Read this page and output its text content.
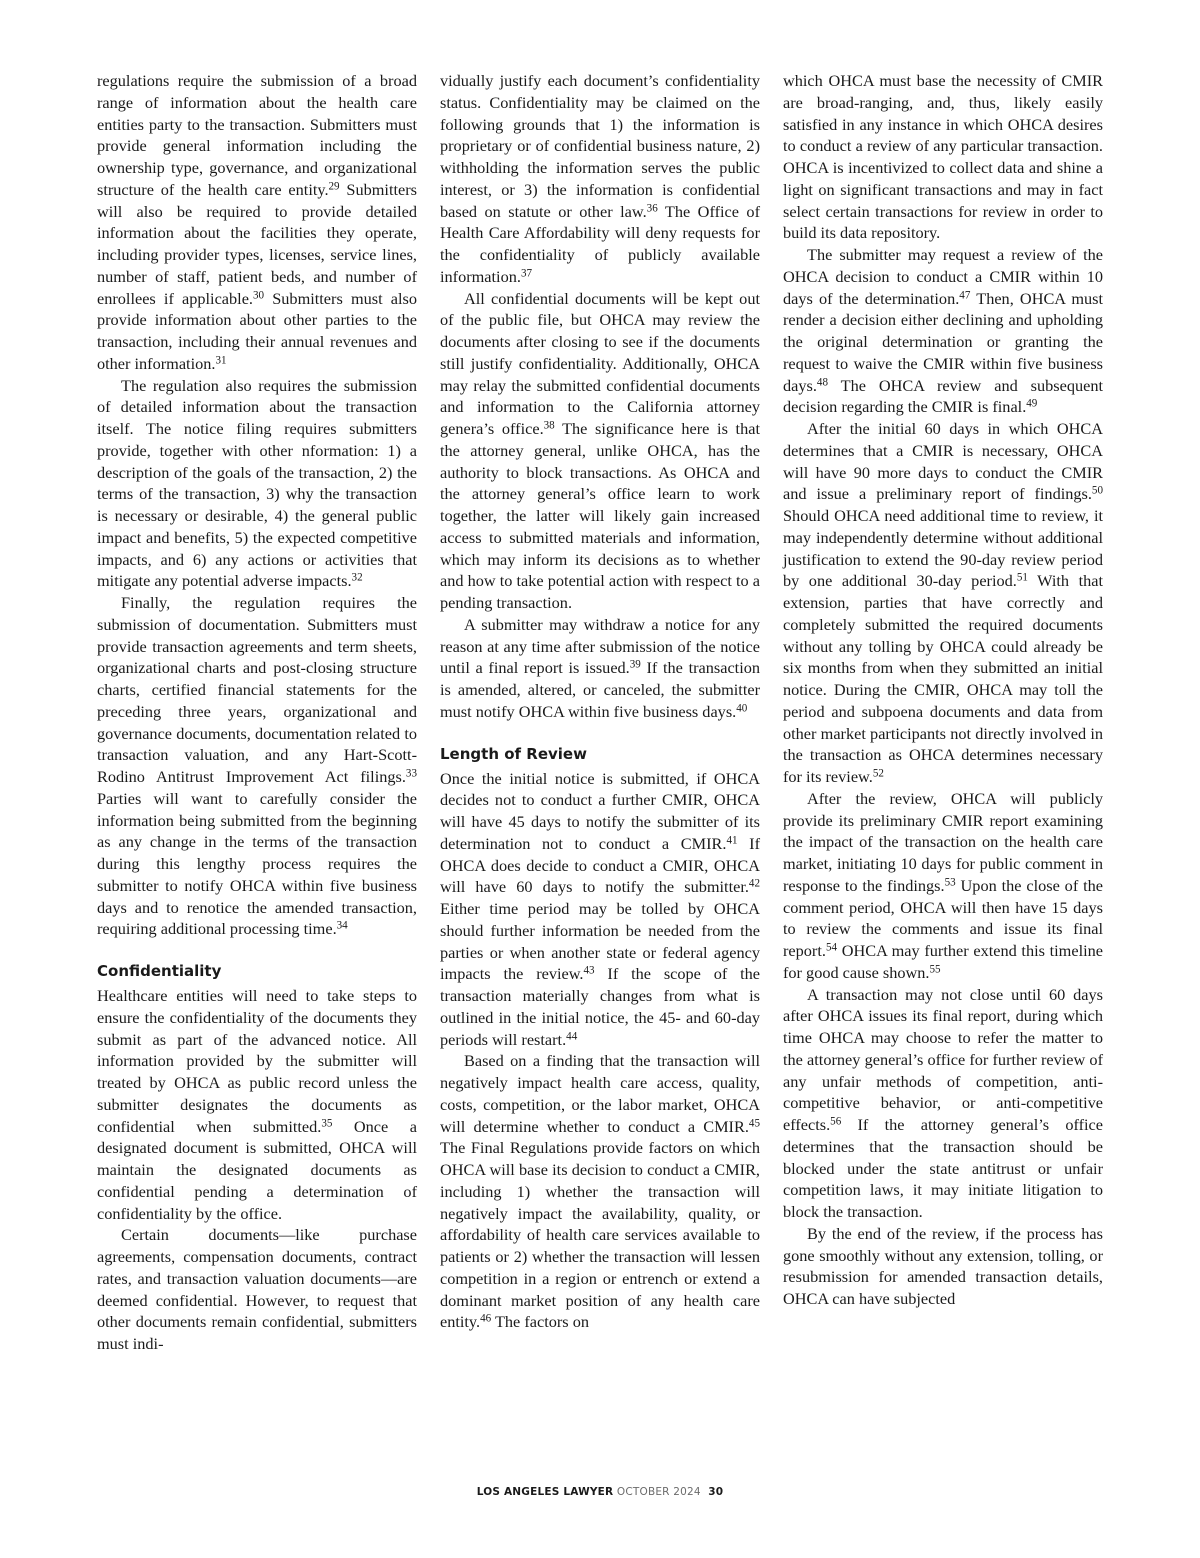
regulations require the submission of a broad range of information about the health care entities party to the transaction. Submitters must provide general information including the ownership type, governance, and organizational structure of the health care entity.$^{29}$ Submitters will also be required to provide detailed information about the facilities they operate, including provider types, licenses, service lines, number of staff, patient beds, and number of enrollees if applicable.$^{30}$ Submitters must also provide information about other parties to the transaction, including their annual revenues and other information.$^{31}$

The regulation also requires the submission of detailed information about the transaction itself. The notice filing requires submitters provide, together with other nformation: 1) a description of the goals of the transaction, 2) the terms of the transaction, 3) why the transaction is necessary or desirable, 4) the general public impact and benefits, 5) the expected competitive impacts, and 6) any actions or activities that mitigate any potential adverse impacts.$^{32}$

Finally, the regulation requires the submission of documentation. Submitters must provide transaction agreements and term sheets, organizational charts and post-closing structure charts, certified financial statements for the preceding three years, organizational and governance documents, documentation related to transaction valuation, and any Hart-Scott-Rodino Antitrust Improvement Act filings.$^{33}$ Parties will want to carefully consider the information being submitted from the beginning as any change in the terms of the transaction during this lengthy process requires the submitter to notify OHCA within five business days and to renotice the amended transaction, requiring additional processing time.$^{34}$

Confidentiality

Healthcare entities will need to take steps to ensure the confidentiality of the documents they submit as part of the advanced notice. All information provided by the submitter will treated by OHCA as public record unless the submitter designates the documents as confidential when submitted.$^{35}$ Once a designated document is submitted, OHCA will maintain the designated documents as confidential pending a determination of confidentiality by the office.

Certain documents—like purchase agreements, compensation documents, contract rates, and transaction valuation documents—are deemed confidential. However, to request that other documents remain confidential, submitters must indi-

vidually justify each document’s confidentiality status. Confidentiality may be claimed on the following grounds that 1) the information is proprietary or of confidential business nature, 2) withholding the information serves the public interest, or 3) the information is confidential based on statute or other law.$^{36}$ The Office of Health Care Affordability will deny requests for the confidentiality of publicly available information.$^{37}$

All confidential documents will be kept out of the public file, but OHCA may review the documents after closing to see if the documents still justify confidentiality. Additionally, OHCA may relay the submitted confidential documents and information to the California attorney genera’s office.$^{38}$ The significance here is that the attorney general, unlike OHCA, has the authority to block transactions. As OHCA and the attorney general’s office learn to work together, the latter will likely gain increased access to submitted materials and information, which may inform its decisions as to whether and how to take potential action with respect to a pending transaction.

A submitter may withdraw a notice for any reason at any time after submission of the notice until a final report is issued.$^{39}$ If the transaction is amended, altered, or canceled, the submitter must notify OHCA within five business days.$^{40}$

Length of Review

Once the initial notice is submitted, if OHCA decides not to conduct a further CMIR, OHCA will have 45 days to notify the submitter of its determination not to conduct a CMIR.$^{41}$ If OHCA does decide to conduct a CMIR, OHCA will have 60 days to notify the submitter.$^{42}$ Either time period may be tolled by OHCA should further information be needed from the parties or when another state or federal agency impacts the review.$^{43}$ If the scope of the transaction materially changes from what is outlined in the initial notice, the 45- and 60-day periods will restart.$^{44}$

Based on a finding that the transaction will negatively impact health care access, quality, costs, competition, or the labor market, OHCA will determine whether to conduct a CMIR.$^{45}$ The Final Regulations provide factors on which OHCA will base its decision to conduct a CMIR, including 1) whether the transaction will negatively impact the availability, quality, or affordability of health care services available to patients or 2) whether the transaction will lessen competition in a region or entrench or extend a dominant market position of any health care entity.$^{46}$ The factors on

which OHCA must base the necessity of CMIR are broad-ranging, and, thus, likely easily satisfied in any instance in which OHCA desires to conduct a review of any particular transaction. OHCA is incentivized to collect data and shine a light on significant transactions and may in fact select certain transactions for review in order to build its data repository.

The submitter may request a review of the OHCA decision to conduct a CMIR within 10 days of the determination.$^{47}$ Then, OHCA must render a decision either declining and upholding the original determination or granting the request to waive the CMIR within five business days.$^{48}$ The OHCA review and subsequent decision regarding the CMIR is final.$^{49}$

After the initial 60 days in which OHCA determines that a CMIR is necessary, OHCA will have 90 more days to conduct the CMIR and issue a preliminary report of findings.$^{50}$ Should OHCA need additional time to review, it may independently determine without additional justification to extend the 90-day review period by one additional 30-day period.$^{51}$ With that extension, parties that have correctly and completely submitted the required documents without any tolling by OHCA could already be six months from when they submitted an initial notice. During the CMIR, OHCA may toll the period and subpoena documents and data from other market participants not directly involved in the transaction as OHCA determines necessary for its review.$^{52}$

After the review, OHCA will publicly provide its preliminary CMIR report examining the impact of the transaction on the health care market, initiating 10 days for public comment in response to the findings.$^{53}$ Upon the close of the comment period, OHCA will then have 15 days to review the comments and issue its final report.$^{54}$ OHCA may further extend this timeline for good cause shown.$^{55}$

A transaction may not close until 60 days after OHCA issues its final report, during which time OHCA may choose to refer the matter to the attorney general’s office for further review of any unfair methods of competition, anti-competitive behavior, or anti-competitive effects.$^{56}$ If the attorney general’s office determines that the transaction should be blocked under the state antitrust or unfair competition laws, it may initiate litigation to block the transaction.

By the end of the review, if the process has gone smoothly without any extension, tolling, or resubmission for amended transaction details, OHCA can have subjected

LOS ANGELES LAWYER OCTOBER 2024 30
